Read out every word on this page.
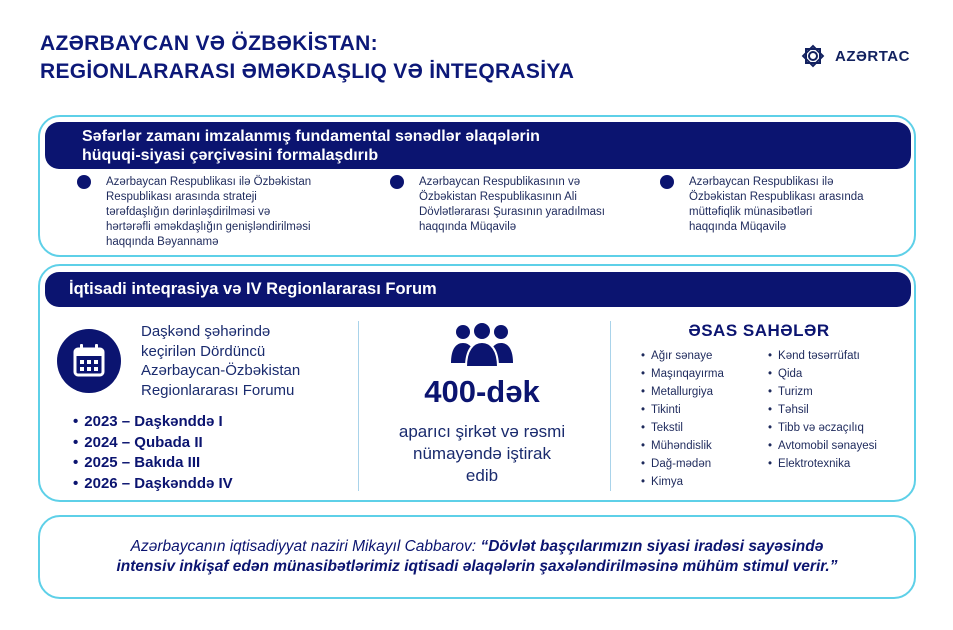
AZƏRBAYCAN VƏ ÖZBƏKİSTAN:
REGİONLARARASI ƏMƏKDAŞLIQ VƏ İNTEQRASİYA
AZƏRTAC
Səfərlər zamanı imzalanmış fundamental sənədlər əlaqələrin
hüquqi-siyasi çərçivəsini formalaşdırıb
Azərbaycan Respublikası ilə Özbəkistan
Respublikası arasında strateji
tərəfdaşlığın dərinləşdirilməsi və
hərtərəfli əməkdaşlığın genişləndirilməsi
haqqında Bəyannamə
Azərbaycan Respublikasının və
Özbəkistan Respublikasının Ali
Dövlətlərarası Şurasının yaradılması
haqqında Müqavilə
Azərbaycan Respublikası ilə
Özbəkistan Respublikası arasında
müttəfiqlik münasibətləri
haqqında Müqavilə
İqtisadi inteqrasiya və IV Regionlararası Forum
Daşkənd şəhərində
keçirilən Dördüncü
Azərbaycan-Özbəkistan
Regionlararası Forumu
• 2023 – Daşkənddə I
• 2024 – Qubada II
• 2025 – Bakıda III
• 2026 – Daşkənddə IV
400-dək
aparıcı şirkət və rəsmi
nümayəndə iştirak
edib
ƏSAS SAHƏLƏR
• Ağır sənaye
• Maşınqayırma
• Metallurgiya
• Tikinti
• Tekstil
• Mühəndislik
• Dağ-mədən
• Kimya
• Kənd təsərrüfatı
• Qida
• Turizm
• Təhsil
• Tibb və əczaçılıq
• Avtomobil sənayesi
• Elektrotexnika
Azərbaycanın iqtisadiyyat naziri Mikayıl Cabbarov: “Dövlət başçılarımızın siyasi iradəsi sayəsində
intensiv inkişaf edən münasibətlərimiz iqtisadi əlaqələrin şaxələndirilməsinə mühüm stimul verir.”
